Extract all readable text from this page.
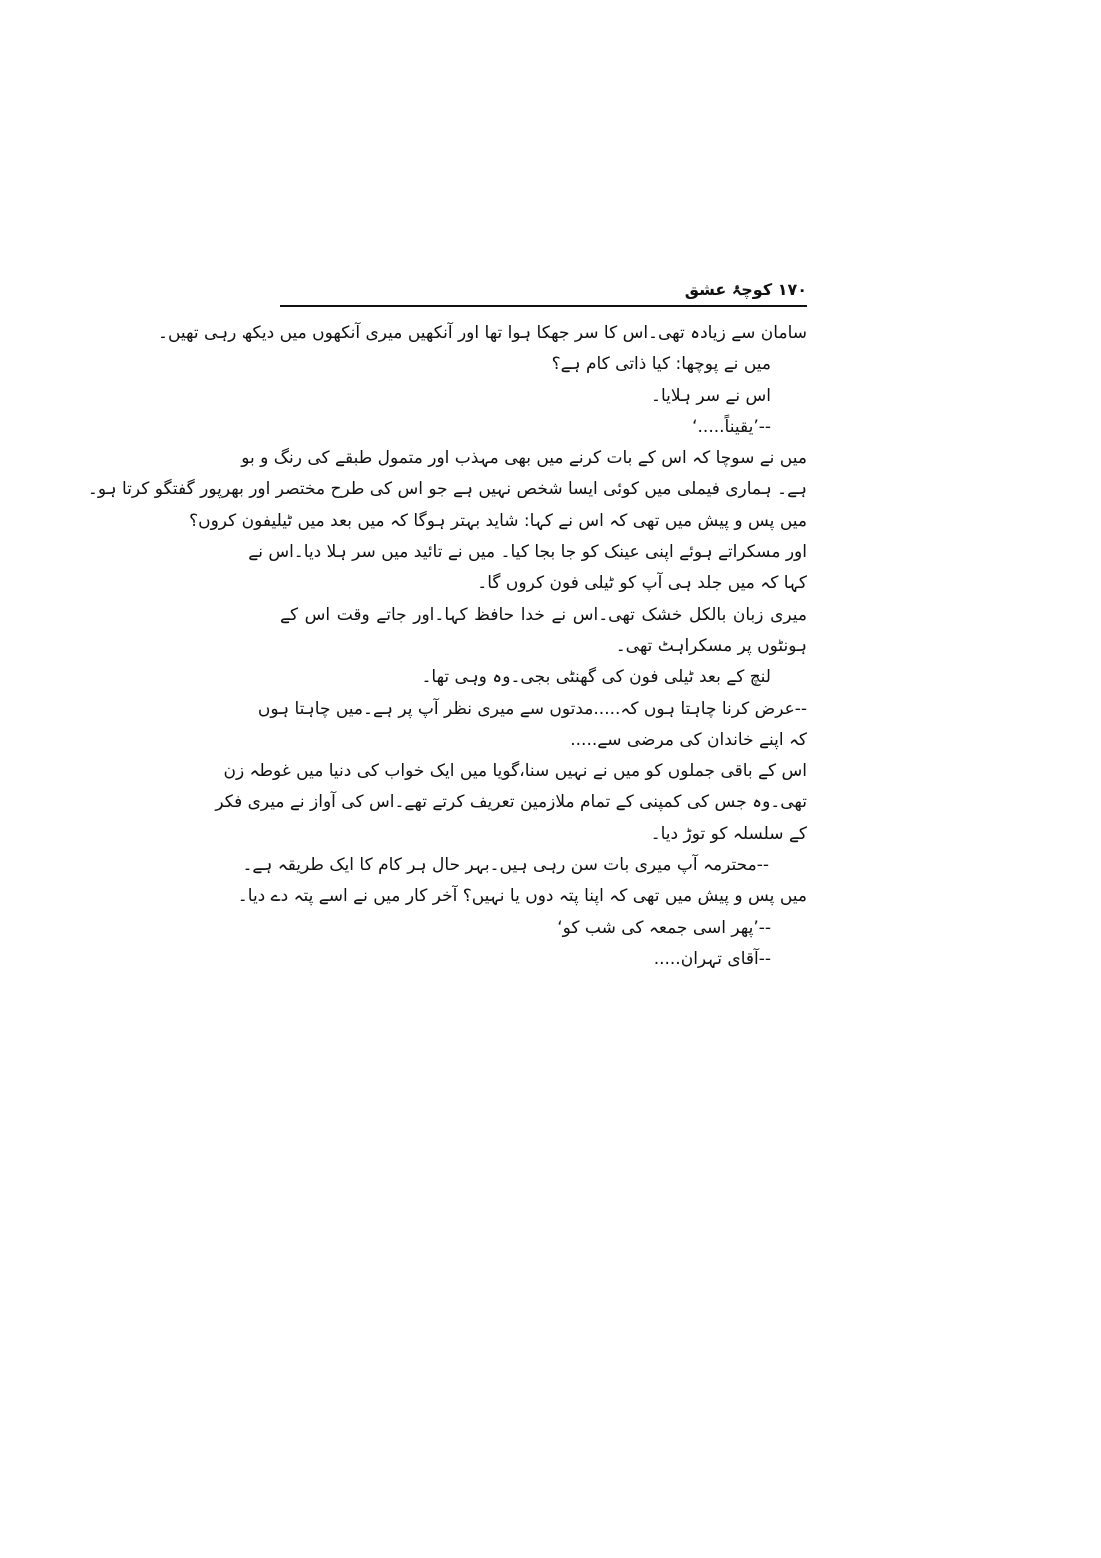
۱۷۰ کوچۂ عشق
سامان سے زیادہ تھی۔اس کا سر جھکا ہوا تھا اور آنکھیں میری آنکھوں میں دیکھ رہی تھیں۔
میں نے پوچھا: کیا ذاتی کام ہے؟
اس نے سر ہلایا۔
--’یقیناً.....‘
میں نے سوچا کہ اس کے بات کرنے میں بھی مہذب اور متمول طبقے کی رنگ و بو
ہے۔ ہماری فیملی میں کوئی ایسا شخص نہیں ہے جو اس کی طرح مختصر اور بھرپور گفتگو کرتا ہو۔
میں پس و پیش میں تھی کہ اس نے کہا: شاید بہتر ہوگا کہ میں بعد میں ٹیلیفون کروں؟
اور مسکراتے ہوئے اپنی عینک کو جا بجا کیا۔ میں نے تائید میں سر ہلا دیا۔اس نے
کہا کہ میں جلد ہی آپ کو ٹیلی فون کروں گا۔
میری زبان بالکل خشک تھی۔اس نے خدا حافظ کہا۔اور جاتے وقت اس کے
ہونٹوں پر مسکراہٹ تھی۔
لنچ کے بعد ٹیلی فون کی گھنٹی بجی۔وہ وہی تھا۔
--عرض کرنا چاہتا ہوں کہ.....مدتوں سے میری نظر آپ پر ہے۔میں چاہتا ہوں
کہ اپنے خاندان کی مرضی سے.....
اس کے باقی جملوں کو میں نے نہیں سنا،گویا میں ایک خواب کی دنیا میں غوطہ زن
تھی۔وہ جس کی کمپنی کے تمام ملازمین تعریف کرتے تھے۔اس کی آواز نے میری فکر
کے سلسلہ کو توڑ دیا۔
--محترمہ آپ میری بات سن رہی ہیں۔بہر حال ہر کام کا ایک طریقہ ہے۔
میں پس و پیش میں تھی کہ اپنا پتہ دوں یا نہیں؟ آخر کار میں نے اسے پتہ دے دیا۔
--’پھر اسی جمعہ کی شب کو‘
--آقای تہران.....
